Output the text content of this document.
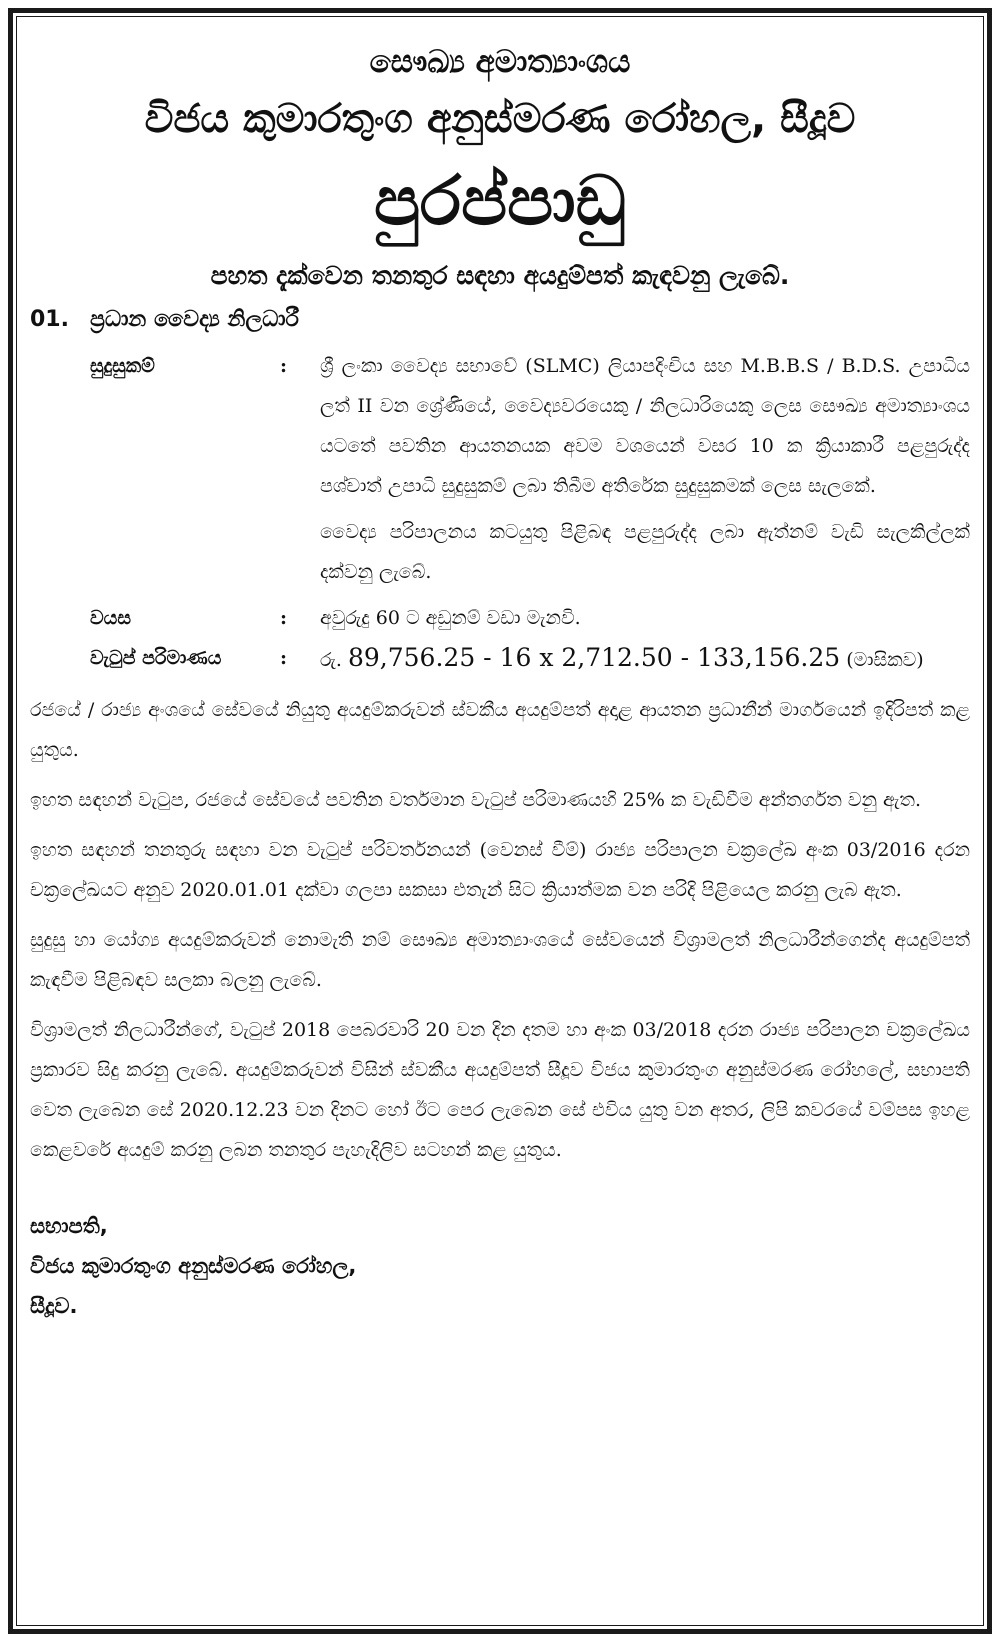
සෞඛ්‍ය අමාත්‍යාංශය
විජය කුමාරතුංග අනුස්මරණ රෝහල, සීදූව
පුරප්පාඩු
පහත දැක්වෙන තනතුර සඳහා අයදුම්පත් කැඳවනු ලැබේ.
01. ප්‍රධාන වෛද්‍ය නිලධාරී
සුදුසුකම්	:	ශ්‍රී ලංකා වෛද්‍ය සභාවේ (SLMC) ලියාපදිංචිය සහ M.B.B.S / B.D.S. උපාධිය ලත් II වන ශ්‍රේණියේ, වෛද්‍යවරයෙකු / නිලධාරියෙකු ලෙස සෞඛ්‍ය අමාත්‍යාංශය යටතේ පවතින ආයතනයක අවම වශයෙන් වසර 10 ක ක්‍රියාකාරී පළපුරුද්ද පශ්චාත් උපාධි සුදුසුකම් ලබා තිබීම අතිරේක සුදුසුකමක් ලෙස සැලකේ.

වෛද්‍ය පරිපාලනය කටයුතු පිළිබඳ පළපුරුද්ද ලබා ඇත්නම් වැඩි සැලකිල්ලක් දක්වනු ලැබේ.

වයස	:	අවුරුදු 60 ට අඩුනම් වඩා මැනවි.
වැටුප් පරිමාණය	:	රු. 89,756.25 - 16 x 2,712.50 - 133,156.25 (මාසිකව)

රජයේ / රාජ්‍ය අංශයේ සේවයේ නියුතු අයදුම්කරුවන් ස්වකීය අයදුම්පත් අදාළ ආයතන ප්‍රධානීන් මාර්ගයෙන් ඉදිරිපත් කළ යුතුය.

ඉහත සඳහන් වැටුප, රජයේ සේවයේ පවතින වර්තමාන වැටුප් පරිමාණයහි 25% ක වැඩිවීම අන්තර්ගත වනු ඇත.

ඉහත සඳහන් තනතුරු සඳහා වන වැටුප් පරිවර්තනයන් (වෙනස් වීම්) රාජ්‍ය පරිපාලන චක්‍රලේඛ අංක 03/2016 දරන චක්‍රලේඛයට අනුව 2020.01.01 දක්වා ගලපා සකසා එතැන් සිට ක්‍රියාත්මක වන පරිදි පිළියෙල කරනු ලැබ ඇත.

සුදුසු හා යෝග්‍ය අයදුම්කරුවන් නොමැති නම් සෞඛ්‍ය අමාත්‍යාංශයේ සේවයෙන් විශ්‍රාමලත් නිලධාරීන්ගෙන්ද අයදුම්පත් කැඳවීම පිළිබඳව සලකා බලනු ලැබේ.

විශ්‍රාමලත් නිලධාරීන්ගේ, වැටුප් 2018 පෙබරවාරි 20 වන දින දතම හා අංක 03/2018 දරන රාජ්‍ය පරිපාලන චක්‍රලේඛය ප්‍රකාරව සිදු කරනු ලැබේ. අයදුම්කරුවන් විසින් ස්වකීය අයදුම්පත් සීදූව විජය කුමාරතුංග අනුස්මරණ රෝහලේ, සභාපති වෙත ලැබෙන සේ 2020.12.23 වන දිනට හෝ ඊට පෙර ලැබෙන සේ එවිය යුතු වන අතර, ලිපි කවරයේ වම්පස ඉහළ කෙළවරේ අයදුම් කරනු ලබන තනතුර පැහැදිලිව සටහන් කළ යුතුය.

සභාපති,
විජය කුමාරතුංග අනුස්මරණ රෝහල,
සීදූව.
